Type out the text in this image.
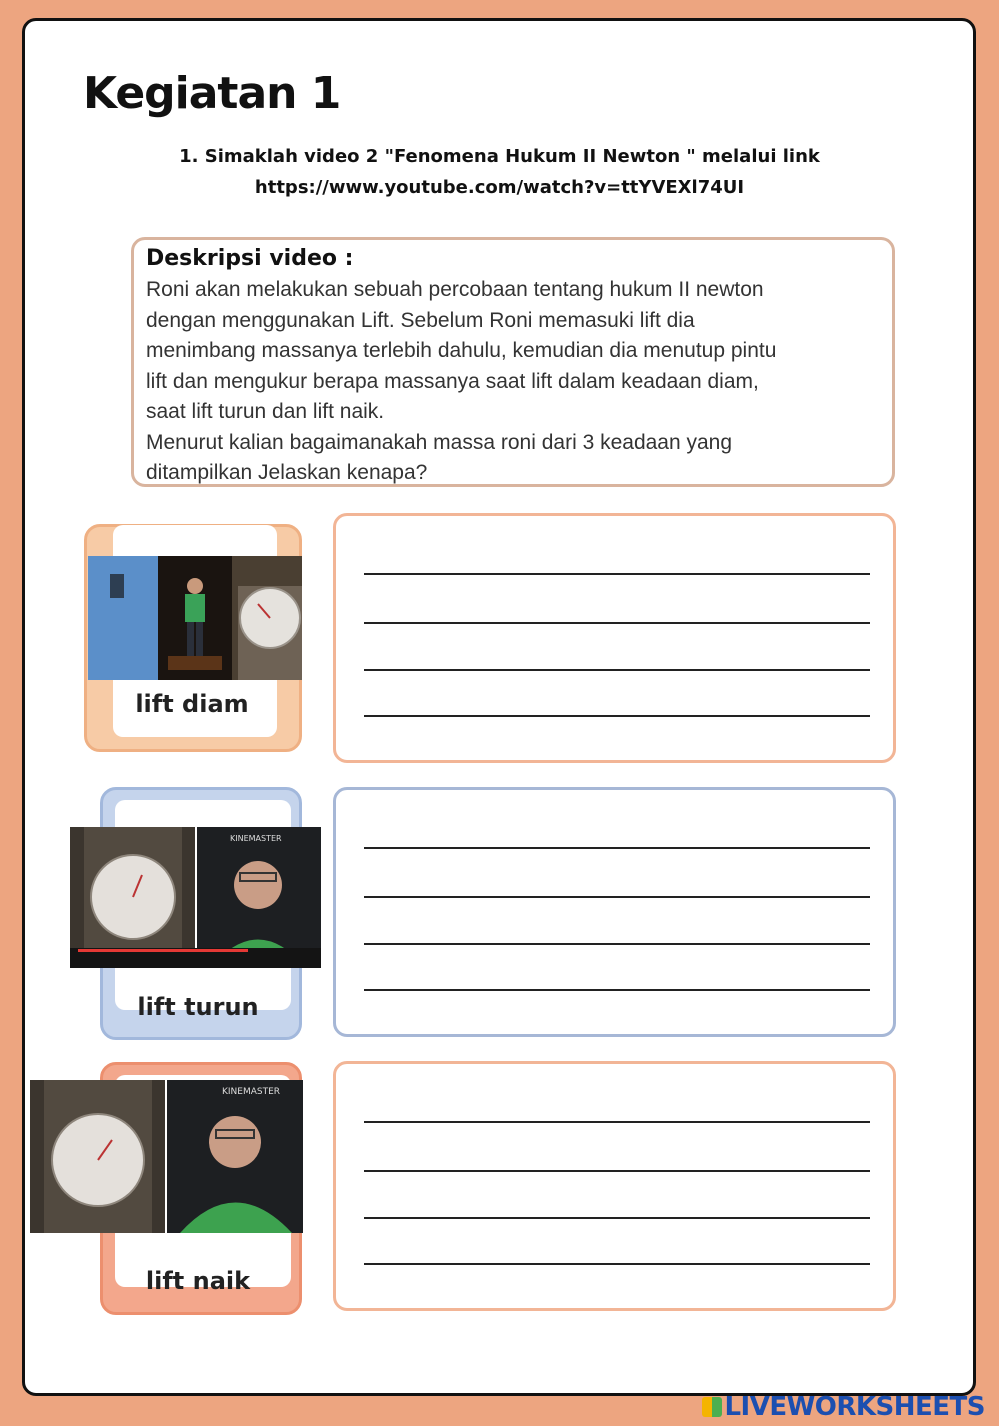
Kegiatan 1
1. Simaklah video 2 "Fenomena Hukum II Newton " melalui link
https://www.youtube.com/watch?v=ttYVEXl74UI
Deskripsi video :
Roni akan melakukan sebuah percobaan tentang hukum II newton
dengan menggunakan Lift. Sebelum Roni memasuki lift dia
menimbang massanya terlebih dahulu, kemudian dia menutup pintu
lift dan mengukur berapa massanya saat lift dalam keadaan diam,
saat lift turun dan lift naik.
Menurut kalian bagaimanakah massa roni dari 3 keadaan yang
ditampilkan Jelaskan kenapa?
lift diam
KINEMASTER
lift turun
KINEMASTER
lift naik
LIVEWORKSHEETS
